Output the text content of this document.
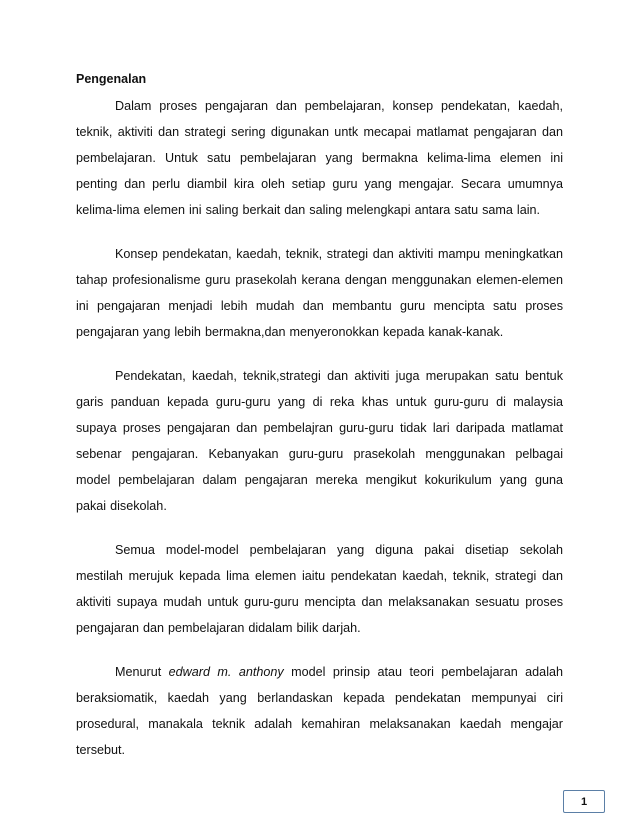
Pengenalan

Dalam proses pengajaran dan pembelajaran, konsep pendekatan, kaedah, teknik, aktiviti dan strategi sering digunakan untk mecapai matlamat pengajaran dan pembelajaran. Untuk satu pembelajaran yang bermakna kelima-lima elemen ini penting dan perlu diambil kira oleh setiap guru yang mengajar. Secara umumnya kelima-lima elemen ini saling berkait dan saling melengkapi antara satu sama lain.

Konsep pendekatan, kaedah, teknik, strategi dan aktiviti mampu meningkatkan tahap profesionalisme guru prasekolah kerana dengan menggunakan elemen-elemen ini pengajaran menjadi lebih mudah dan membantu guru mencipta satu proses pengajaran yang lebih bermakna,dan menyeronokkan kepada kanak-kanak.

Pendekatan, kaedah, teknik,strategi dan aktiviti juga merupakan satu bentuk garis panduan kepada guru-guru yang di reka khas untuk guru-guru di malaysia supaya proses pengajaran dan pembelajran guru-guru tidak lari daripada matlamat sebenar pengajaran. Kebanyakan guru-guru prasekolah menggunakan pelbagai model pembelajaran dalam pengajaran mereka mengikut kokurikulum yang guna pakai disekolah.

Semua model-model pembelajaran yang diguna pakai disetiap sekolah mestilah merujuk kepada lima elemen iaitu pendekatan kaedah, teknik, strategi dan aktiviti supaya mudah untuk guru-guru mencipta dan melaksanakan sesuatu proses pengajaran dan pembelajaran didalam bilik darjah.

Menurut edward m. anthony model prinsip atau teori pembelajaran adalah beraksiomatik, kaedah yang berlandaskan kepada pendekatan mempunyai ciri prosedural, manakala teknik adalah kemahiran melaksanakan kaedah mengajar tersebut.

1
